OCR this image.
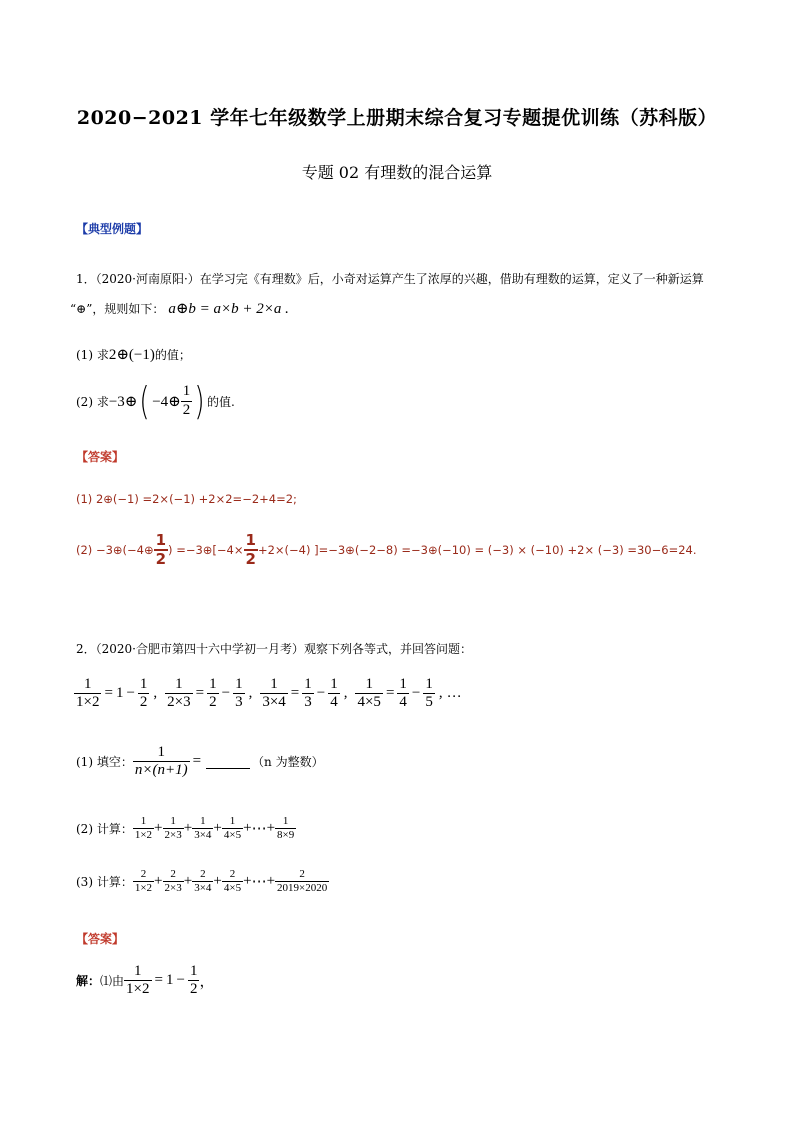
2020−2021 学年七年级数学上册期末综合复习专题提优训练（苏科版）
专题 02 有理数的混合运算
【典型例题】
1．（2020·河南原阳·）在学习完《有理数》后，小奇对运算产生了浓厚的兴趣，借助有理数的运算，定义了一种新运算
“⊕”，规则如下： a⊕b = a×b + 2×a .
(1) 求 2⊕(−1) 的值；
(2) 求 −3⊕ ( −4⊕ $\frac{1}{2}$ ) 的值.
【答案】
(1) 2⊕(−1) =2×(−1) +2×2=−2+4=2;
(2) −3⊕(−4⊕ $\frac{1}{2}$ ) =−3⊕[−4× $\frac{1}{2} +2\times(-4)$ ]=−3⊕(−2−8) =−3⊕(−10) = (−3) × (−10) +2× (−3) =30−6=24.
2．（2020·合肥市第四十六中学初一月考）观察下列各等式，并回答问题：
$\frac{1}{1\times 2} = 1 - \frac{1}{2}$ , $\frac{1}{2\times 3} = \frac{1}{2} - \frac{1}{3}$ , $\frac{1}{3\times 4} = \frac{1}{3} - \frac{1}{4}$ , $\frac{1}{4\times 5} = \frac{1}{4} - \frac{1}{5}$ , …
(1) 填空： $\frac{1}{n\times(n+1)}$ =	（n 为整数）
(2) 计算： $\frac{1}{1\times 2} + \frac{1}{2\times 3} + \frac{1}{3\times 4} + \frac{1}{4\times 5}$ + ⋯ + $\frac{1}{8\times 9}$
(3) 计算： $\frac{2}{1\times 2} + \frac{2}{2\times 3} + \frac{2}{3\times 4} + \frac{2}{4\times 5}$ + ⋯ + $\frac{2}{2019\times 2020}$
【答案】
解： ⑴由 $\frac{1}{1\times 2} = 1 - \frac{1}{2}$ ，
